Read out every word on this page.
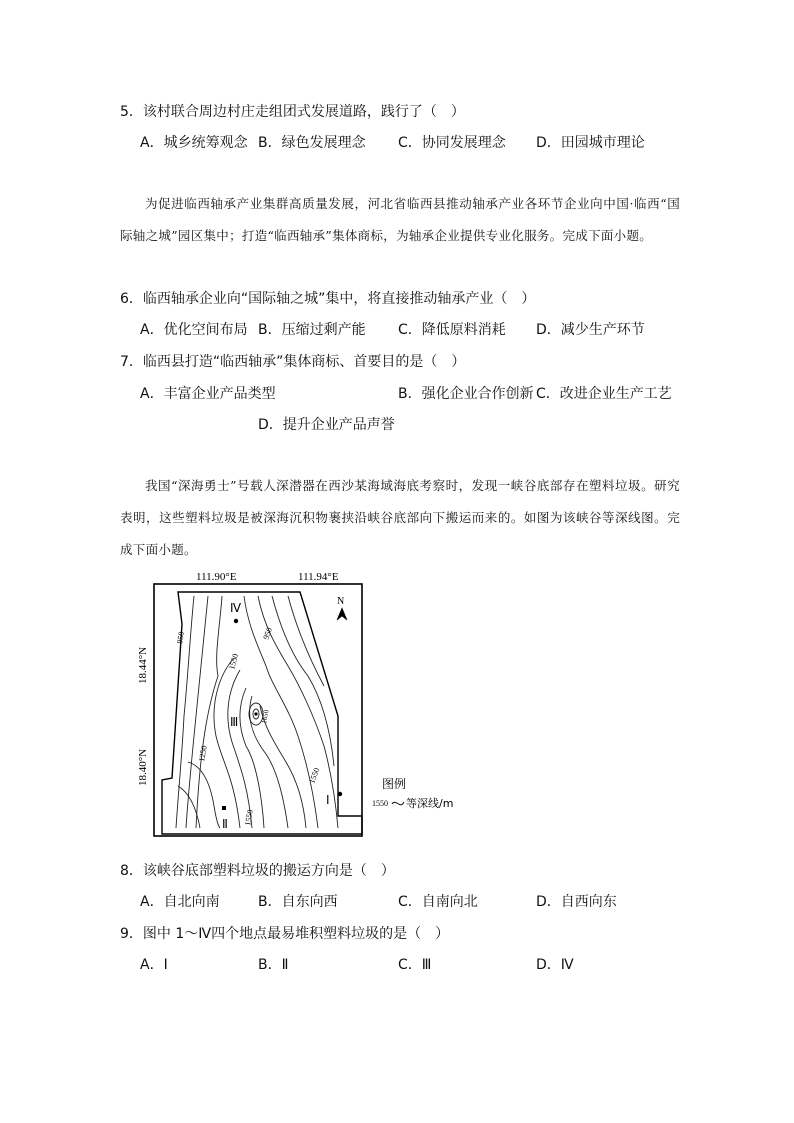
5．该村联合周边村庄走组团式发展道路，践行了（　）
A．城乡统筹观念 B．绿色发展理念 C．协同发展理念 D．田园城市理论
为促进临西轴承产业集群高质量发展，河北省临西县推动轴承产业各环节企业向中国·临西“国际轴之城”园区集中；打造“临西轴承”集体商标，为轴承企业提供专业化服务。完成下面小题。
6．临西轴承企业向“国际轴之城”集中，将直接推动轴承产业（　）
A．优化空间布局 B．压缩过剩产能 C．降低原料消耗 D．减少生产环节
7．临西县打造“临西轴承”集体商标、首要目的是（　）
A．丰富企业产品类型	B．强化企业合作创新 C．改进企业生产工艺
D．提升企业产品声誉
我国“深海勇士”号载人深潜器在西沙某海域海底考察时，发现一峡谷底部存在塑料垃圾。研究表明，这些塑料垃圾是被深海沉积物裹挟沿峡谷底部向下搬运而来的。如图为该峡谷等深线图。完成下面小题。
111.90°E	111.94°E
18.44°N
18.40°N
950	950
1550
1650
1250
1550
1550
Ⅳ
Ⅲ
Ⅱ
Ⅰ
N
图例
1550 等深线/m
8．该峡谷底部塑料垃圾的搬运方向是（　）
A．自北向南	B．自东向西	C．自南向北	D．自西向东
9．图中 1～Ⅳ四个地点最易堆积塑料垃圾的是（　）
A．Ⅰ	B．Ⅱ	C．Ⅲ	D．Ⅳ
